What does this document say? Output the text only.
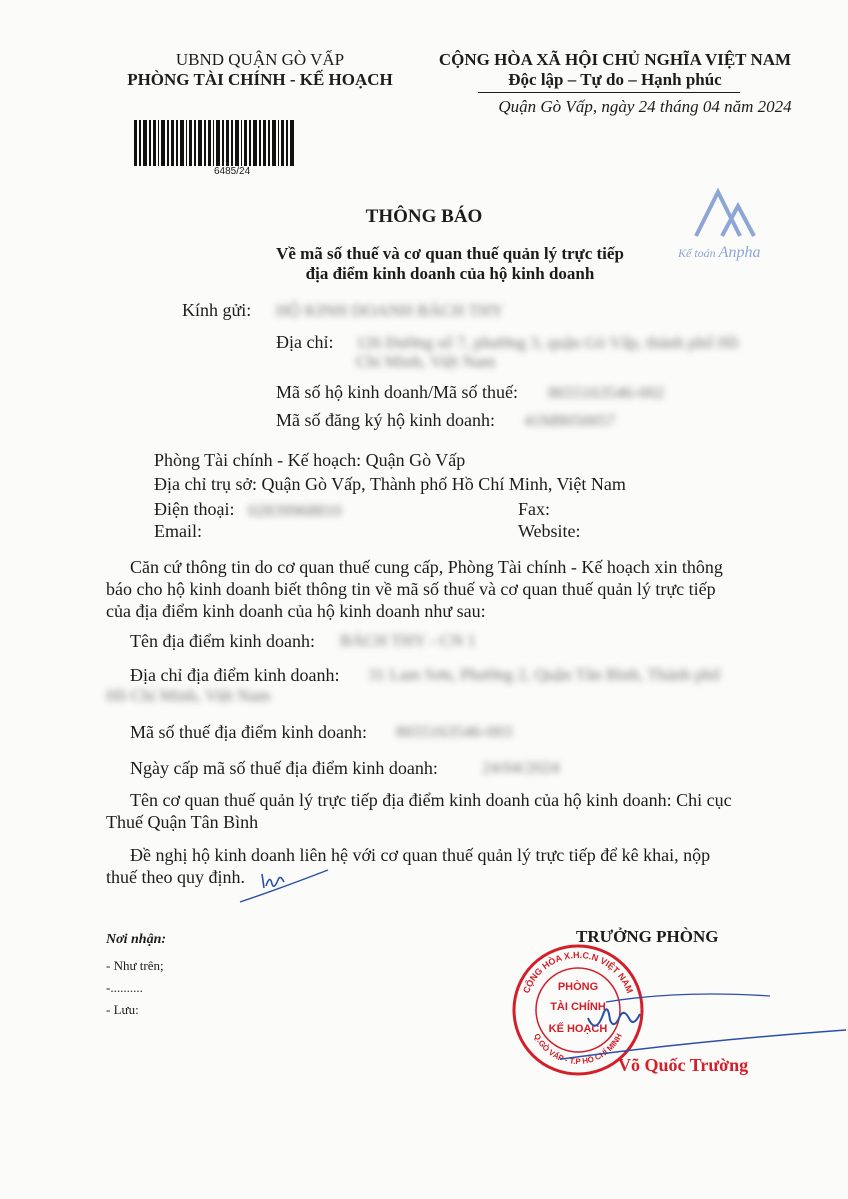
UBND QUẬN GÒ VẤP
PHÒNG TÀI CHÍNH - KẾ HOẠCH
6485/24
CỘNG HÒA XÃ HỘI CHỦ NGHĨA VIỆT NAM
Độc lập – Tự do – Hạnh phúc
Quận Gò Vấp, ngày 24 tháng 04 năm 2024
Kế toán Anpha
THÔNG BÁO
Về mã số thuế và cơ quan thuế quản lý trực tiếp
địa điểm kinh doanh của hộ kinh doanh
Kính gửi: HỘ KINH DOANH BÁCH THY
Địa chỉ: 126 Đường số 7, phường 3, quận Gò Vấp, thành phố Hồ
Chí Minh, Việt Nam
Mã số hộ kinh doanh/Mã số thuế: 8655163546-002
Mã số đăng ký hộ kinh doanh: 41M8050057
Phòng Tài chính - Kế hoạch: Quận Gò Vấp
Địa chỉ trụ sở: Quận Gò Vấp, Thành phố Hồ Chí Minh, Việt Nam
Điện thoại: 02839968810	Fax:
Email:	Website:
Căn cứ thông tin do cơ quan thuế cung cấp, Phòng Tài chính - Kế hoạch xin thông
báo cho hộ kinh doanh biết thông tin về mã số thuế và cơ quan thuế quản lý trực tiếp
của địa điểm kinh doanh của hộ kinh doanh như sau:
Tên địa điểm kinh doanh: BÁCH THY - CN 1
Địa chỉ địa điểm kinh doanh: 31 Lam Sơn, Phường 2, Quận Tân Bình, Thành phố
Hồ Chí Minh, Việt Nam
Mã số thuế địa điểm kinh doanh: 8655163546-003
Ngày cấp mã số thuế địa điểm kinh doanh:	24/04/2024
Tên cơ quan thuế quản lý trực tiếp địa điểm kinh doanh của hộ kinh doanh: Chi cục
Thuế Quận Tân Bình
Đề nghị hộ kinh doanh liên hệ với cơ quan thuế quản lý trực tiếp để kê khai, nộp
thuế theo quy định.
Nơi nhận:
- Như trên;
-..........
- Lưu:
TRƯỞNG PHÒNG
CỘNG HÒA X.H.C.N VIỆT NAM
Q.GÒ VẤP - T.P HỒ CHÍ MINH
PHÒNG
TÀI CHÍNH
KẾ HOẠCH
Võ Quốc Trường
